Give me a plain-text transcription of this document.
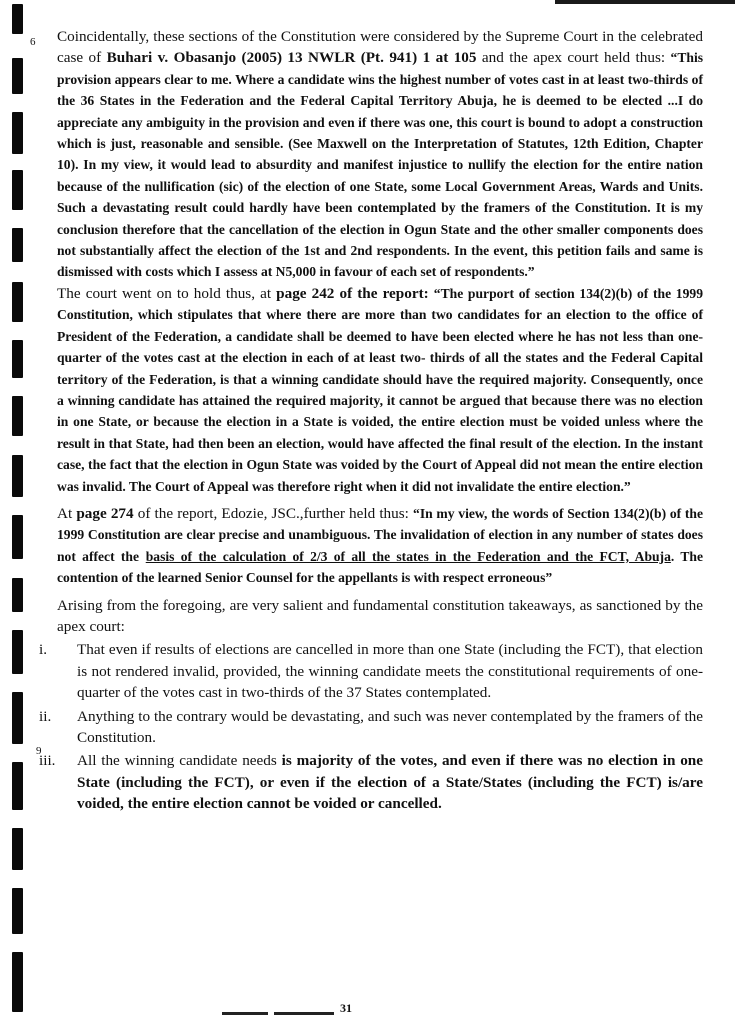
6
9

Coincidentally, these sections of the Constitution were considered by the Supreme Court in the celebrated case of Buhari v. Obasanjo (2005) 13 NWLR (Pt. 941) 1 at 105 and the apex court held thus: “This provision appears clear to me. Where a candidate wins the highest number of votes cast in at least two-thirds of the 36 States in the Federation and the Federal Capital Territory Abuja, he is deemed to be elected ...I do appreciate any ambiguity in the provision and even if there was one, this court is bound to adopt a construction which is just, reasonable and sensible. (See Maxwell on the Interpretation of Statutes, 12th Edition, Chapter 10). In my view, it would lead to absurdity and manifest injustice to nullify the election for the entire nation because of the nullification (sic) of the election of one State, some Local Government Areas, Wards and Units. Such a devastating result could hardly have been contemplated by the framers of the Constitution. It is my conclusion therefore that the cancellation of the election in Ogun State and the other smaller components does not substantially affect the election of the 1st and 2nd respondents. In the event, this petition fails and same is dismissed with costs which I assess at N5,000 in favour of each set of respondents.”

The court went on to hold thus, at page 242 of the report: “The purport of section 134(2)(b) of the 1999 Constitution, which stipulates that where there are more than two candidates for an election to the office of President of the Federation, a candidate shall be deemed to have been elected where he has not less than one-quarter of the votes cast at the election in each of at least two- thirds of all the states and the Federal Capital territory of the Federation, is that a winning candidate should have the required majority. Consequently, once a winning candidate has attained the required majority, it cannot be argued that because there was no election in one State, or because the election in a State is voided, the entire election must be voided unless where the result in that State, had then been an election, would have affected the final result of the election. In the instant case, the fact that the election in Ogun State was voided by the Court of Appeal did not mean the entire election was invalid. The Court of Appeal was therefore right when it did not invalidate the entire election.”

At page 274 of the report, Edozie, JSC.,further held thus: “In my view, the words of Section 134(2)(b) of the 1999 Constitution are clear precise and unambiguous. The invalidation of election in any number of states does not affect the basis of the calculation of 2/3 of all the states in the Federation and the FCT, Abuja. The contention of the learned Senior Counsel for the appellants is with respect erroneous”

Arising from the foregoing, are very salient and fundamental constitution takeaways, as sanctioned by the apex court:

i.	That even if results of elections are cancelled in more than one State (including the FCT), that election is not rendered invalid, provided, the winning candidate meets the constitutional requirements of one-quarter of the votes cast in two-thirds of the 37 States contemplated.
ii.	Anything to the contrary would be devastating, and such was never contemplated by the framers of the Constitution.
iii.	All the winning candidate needs is majority of the votes, and even if there was no election in one State (including the FCT), or even if the election of a State/States (including the FCT) is/are voided, the entire election cannot be voided or cancelled.
31
